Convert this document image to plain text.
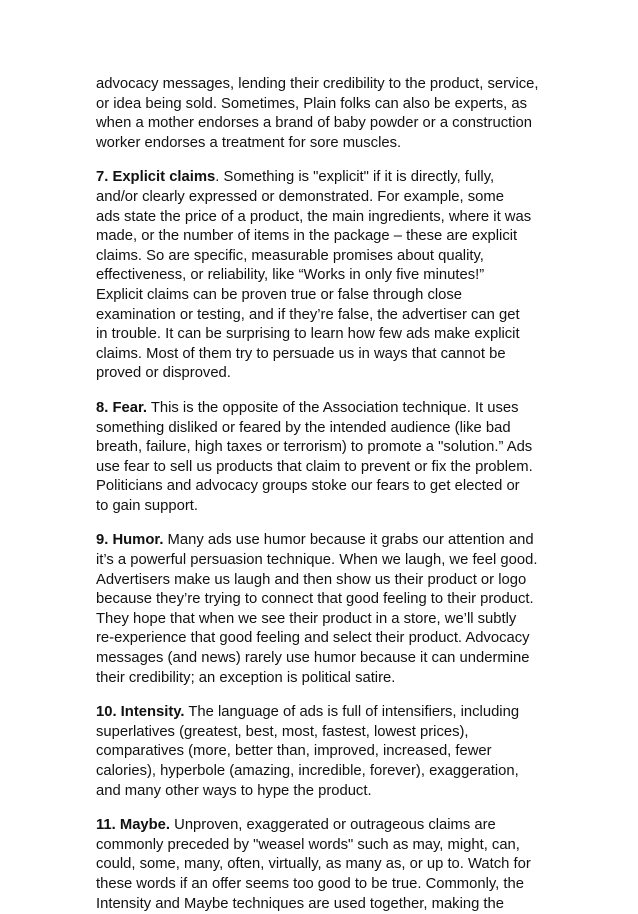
advocacy messages, lending their credibility to the product, service,
or idea being sold. Sometimes, Plain folks can also be experts, as
when a mother endorses a brand of baby powder or a construction
worker endorses a treatment for sore muscles.
7. Explicit claims. Something is "explicit" if it is directly, fully,
and/or clearly expressed or demonstrated. For example, some
ads state the price of a product, the main ingredients, where it was
made, or the number of items in the package – these are explicit
claims. So are specific, measurable promises about quality,
effectiveness, or reliability, like “Works in only five minutes!”
Explicit claims can be proven true or false through close
examination or testing, and if they’re false, the advertiser can get
in trouble. It can be surprising to learn how few ads make explicit
claims. Most of them try to persuade us in ways that cannot be
proved or disproved.
8. Fear. This is the opposite of the Association technique. It uses
something disliked or feared by the intended audience (like bad
breath, failure, high taxes or terrorism) to promote a "solution.” Ads
use fear to sell us products that claim to prevent or fix the problem.
Politicians and advocacy groups stoke our fears to get elected or
to gain support.
9. Humor. Many ads use humor because it grabs our attention and
it’s a powerful persuasion technique. When we laugh, we feel good.
Advertisers make us laugh and then show us their product or logo
because they’re trying to connect that good feeling to their product.
They hope that when we see their product in a store, we’ll subtly
re-experience that good feeling and select their product. Advocacy
messages (and news) rarely use humor because it can undermine
their credibility; an exception is political satire.
10. Intensity. The language of ads is full of intensifiers, including
superlatives (greatest, best, most, fastest, lowest prices),
comparatives (more, better than, improved, increased, fewer
calories), hyperbole (amazing, incredible, forever), exaggeration,
and many other ways to hype the product.
11. Maybe. Unproven, exaggerated or outrageous claims are
commonly preceded by "weasel words" such as may, might, can,
could, some, many, often, virtually, as many as, or up to. Watch for
these words if an offer seems too good to be true. Commonly, the
Intensity and Maybe techniques are used together, making the
